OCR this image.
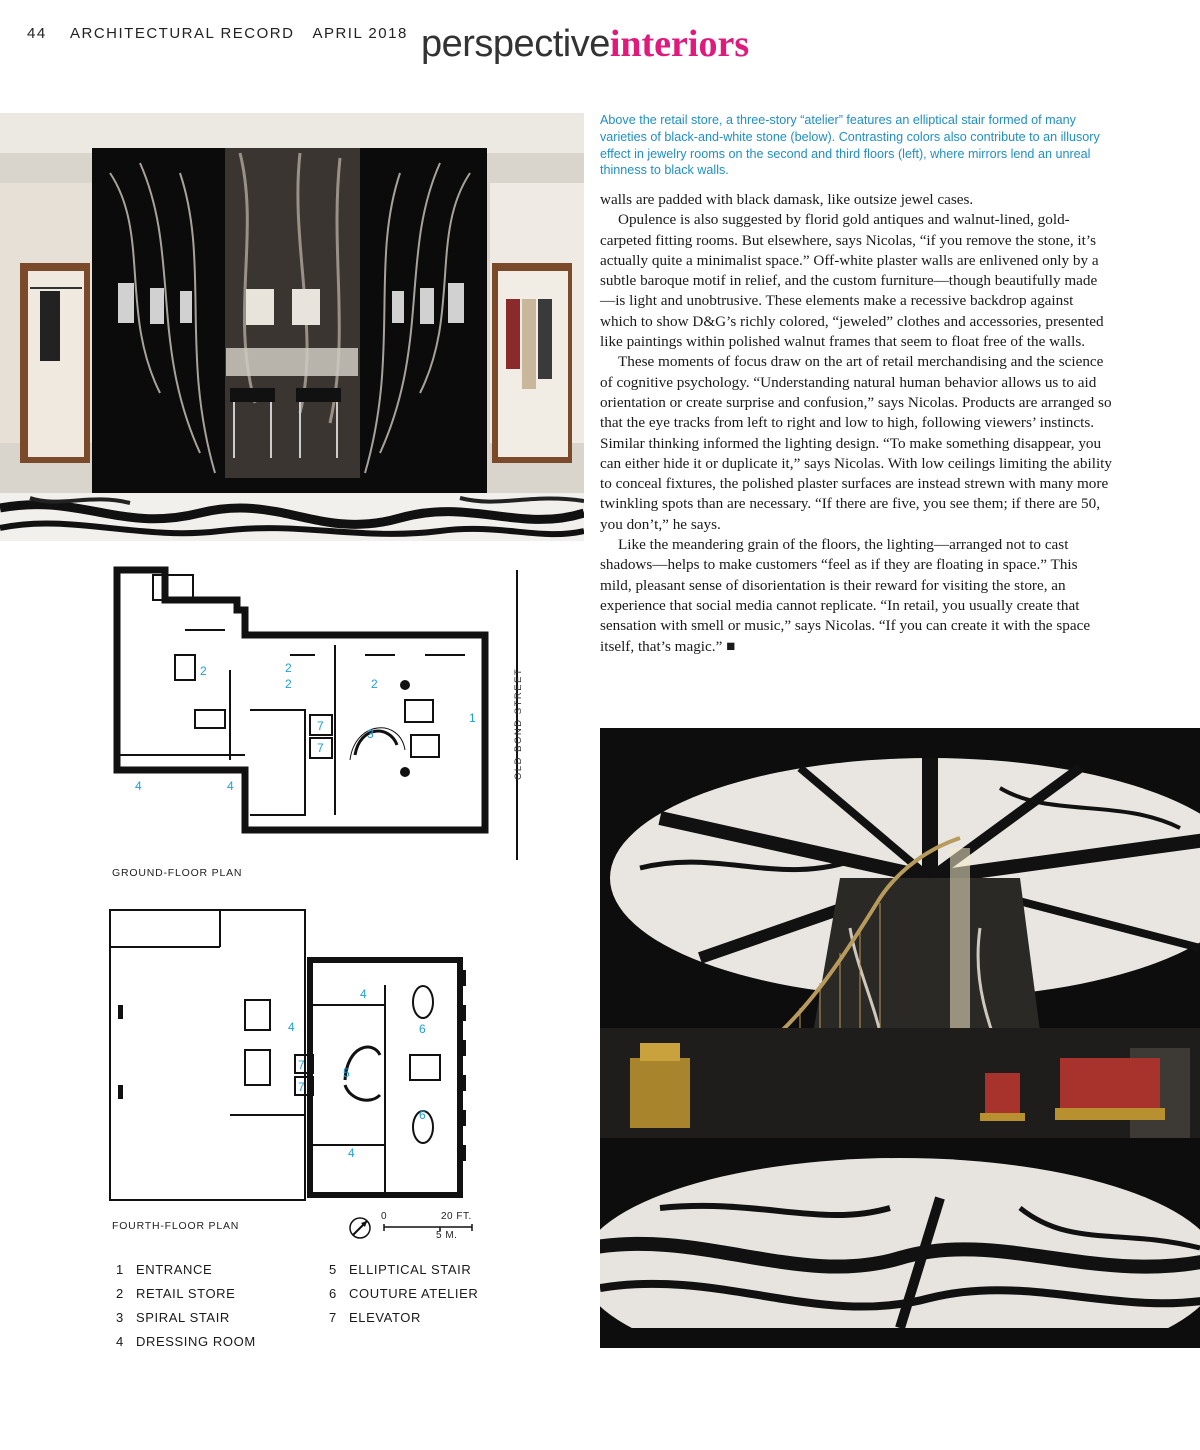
44 ARCHITECTURAL RECORD APRIL 2018 perspectiveinteriors
Above the retail store, a three-story “atelier” features an elliptical stair formed of many varieties of black-and-white stone (below). Contrasting colors also contribute to an illusory effect in jewelry rooms on the second and third floors (left), where mirrors lend an unreal thinness to black walls.

walls are padded with black damask, like outsize jewel cases.

Opulence is also suggested by florid gold antiques and walnut-lined, gold-carpeted fitting rooms. But elsewhere, says Nicolas, “if you remove the stone, it’s actually quite a minimalist space.” Off-white plaster walls are enlivened only by a subtle baroque motif in relief, and the custom furniture—though beautifully made—is light and unobtrusive. These elements make a recessive backdrop against which to show D&G’s richly colored, “jeweled” clothes and accessories, presented like paintings within polished walnut frames that seem to float free of the walls.

These moments of focus draw on the art of retail merchandising and the science of cognitive psychology. “Understanding natural human behavior allows us to aid orientation or create surprise and confusion,” says Nicolas. Products are arranged so that the eye tracks from left to right and low to high, following viewers’ instincts. Similar thinking informed the lighting design. “To make something disappear, you can either hide it or duplicate it,” says Nicolas. With low ceilings limiting the ability to conceal fixtures, the polished plaster surfaces are instead strewn with many more twinkling spots than are necessary. “If there are five, you see them; if there are 50, you don’t,” he says.

Like the meandering grain of the floors, the lighting—arranged not to cast shadows—helps to make customers “feel as if they are floating in space.” This mild, pleasant sense of disorientation is their reward for visiting the store, an experience that social media cannot replicate. “In retail, you usually create that sensation with smell or music,” says Nicolas. “If you can create it with the space itself, that’s magic.” ■

2	2
2	2
3
1
4	4
7
7	OLD BOND STREET
GROUND-FLOOR PLAN
4
4	6
5
6
4
7
7
FOURTH-FLOOR PLAN
0	20 FT.
5 M.
1 ENTRANCE
2 RETAIL STORE
3 SPIRAL STAIR
4 DRESSING ROOM
5 ELLIPTICAL STAIR
6 COUTURE ATELIER
7 ELEVATOR
